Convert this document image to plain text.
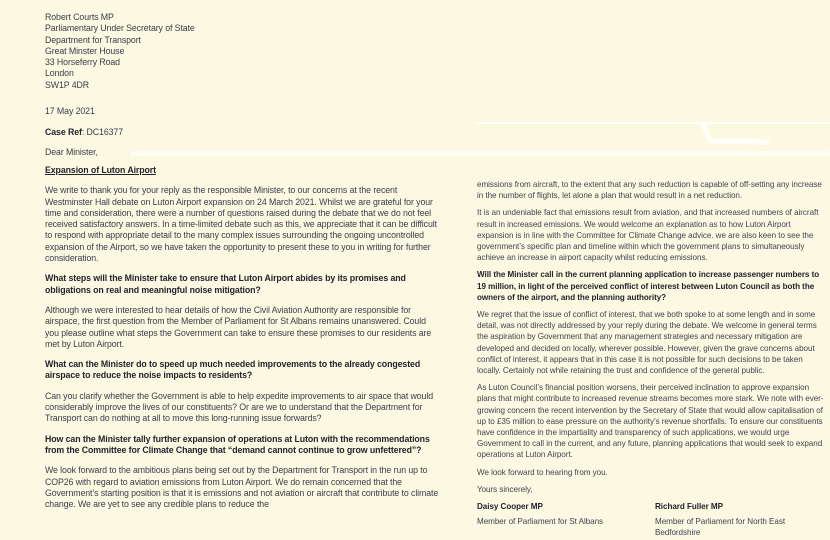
Robert Courts MP
Parliamentary Under Secretary of State
Department for Transport
Great Minster House
33 Horseferry Road
London
SW1P 4DR
17 May 2021
Case Ref: DC16377
Dear Minister,
Expansion of Luton Airport

We write to thank you for your reply as the responsible Minister, to our concerns at the recent Westminster Hall debate on Luton Airport expansion on 24 March 2021. Whilst we are grateful for your time and consideration, there were a number of questions raised during the debate that we do not feel received satisfactory answers. In a time-limited debate such as this, we appreciate that it can be difficult to respond with appropriate detail to the many complex issues surrounding the ongoing uncontrolled expansion of the Airport, so we have taken the opportunity to present these to you in writing for further consideration.

What steps will the Minister take to ensure that Luton Airport abides by its promises and obligations on real and meaningful noise mitigation?

Although we were interested to hear details of how the Civil Aviation Authority are responsible for airspace, the first question from the Member of Parliament for St Albans remains unanswered. Could you please outline what steps the Government can take to ensure these promises to our residents are met by Luton Airport.

What can the Minister do to speed up much needed improvements to the already congested airspace to reduce the noise impacts to residents?

Can you clarify whether the Government is able to help expedite improvements to air space that would considerably improve the lives of our constituents? Or are we to understand that the Department for Transport can do nothing at all to move this long-running issue forwards?

How can the Minister tally further expansion of operations at Luton with the recommendations from the Committee for Climate Change that “demand cannot continue to grow unfettered”?

We look forward to the ambitious plans being set out by the Department for Transport in the run up to COP26 with regard to aviation emissions from Luton Airport. We do remain concerned that the Government’s starting position is that it is emissions and not aviation or aircraft that contribute to climate change. We are yet to see any credible plans to reduce the

emissions from aircraft, to the extent that any such reduction is capable of off-setting any increase in the number of flights, let alone a plan that would result in a net reduction.

It is an undeniable fact that emissions result from aviation, and that increased numbers of aircraft result in increased emissions. We would welcome an explanation as to how Luton Airport expansion is in line with the Committee for Climate Change advice. we are also keen to see the government’s specific plan and timeline within which the government plans to simultaneously achieve an increase in airport capacity whilst reducing emissions.

Will the Minister call in the current planning application to increase passenger numbers to 19 million, in light of the perceived conflict of interest between Luton Council as both the owners of the airport, and the planning authority?

We regret that the issue of conflict of interest, that we both spoke to at some length and in some detail, was not directly addressed by your reply during the debate. We welcome in general terms the aspiration by Government that any management strategies and necessary mitigation are developed and decided on locally, wherever possible. However, given the grave concerns about conflict of interest, it appears that in this case it is not possible for such decisions to be taken locally. Certainly not while retaining the trust and confidence of the general public.

As Luton Council’s financial position worsens, their perceived inclination to approve expansion plans that might contribute to increased revenue streams becomes more stark. We note with ever-growing concern the recent intervention by the Secretary of State that would allow capitalisation of up to £35 million to ease pressure on the authority’s revenue shortfalls. To ensure our constituents have confidence in the impartiality and transparency of such applications, we would urge Government to call in the current, and any future, planning applications that would seek to expand operations at Luton Airport.

We look forward to hearing from you.

Yours sincerely,

Daisy Cooper MP
Member of Parliament for St Albans
Richard Fuller MP
Member of Parliament for North East Bedfordshire
